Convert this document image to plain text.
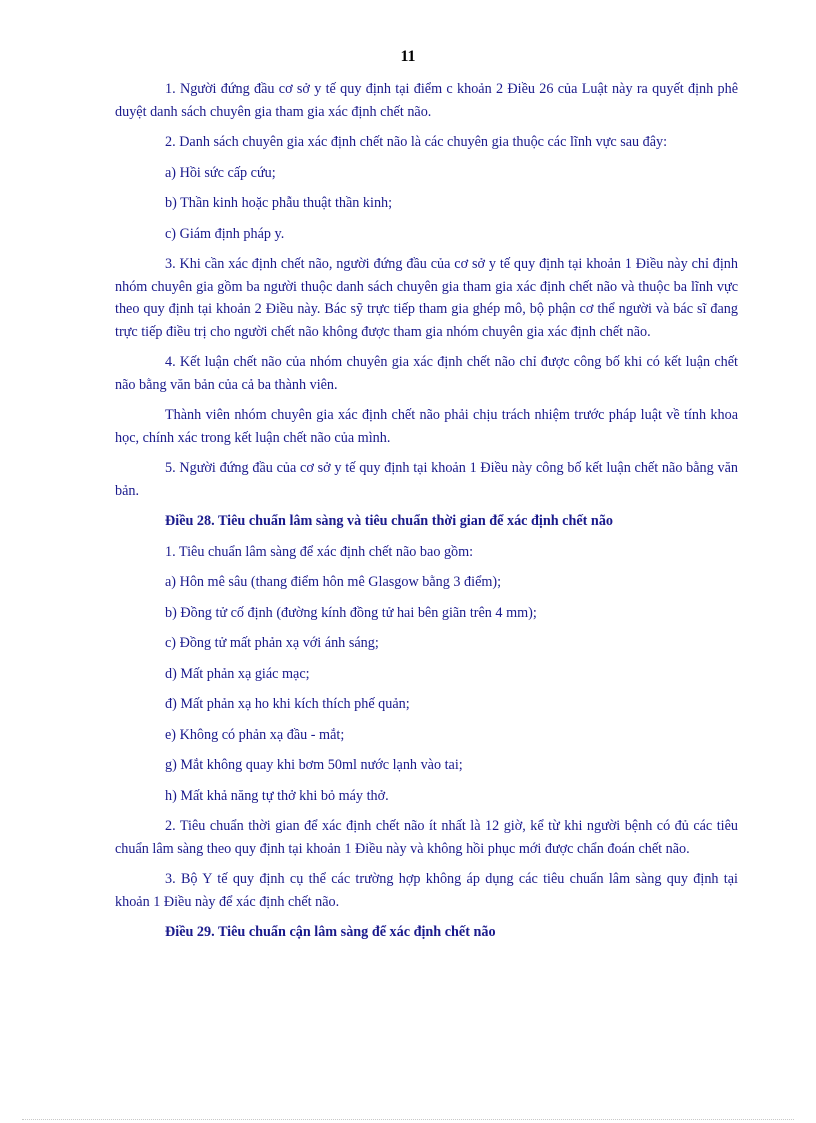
11

1. Người đứng đầu cơ sở y tế quy định tại điểm c khoản 2 Điều 26 của Luật này ra quyết định phê duyệt danh sách chuyên gia tham gia xác định chết não.

2. Danh sách chuyên gia xác định chết não là các chuyên gia thuộc các lĩnh vực sau đây:

a) Hồi sức cấp cứu;

b) Thần kinh hoặc phẫu thuật thần kinh;

c) Giám định pháp y.

3. Khi cần xác định chết não, người đứng đầu của cơ sở y tế quy định tại khoản 1 Điều này chỉ định nhóm chuyên gia gồm ba người thuộc danh sách chuyên gia tham gia xác định chết não và thuộc ba lĩnh vực theo quy định tại khoản 2 Điều này. Bác sỹ trực tiếp tham gia ghép mô, bộ phận cơ thể người và bác sĩ đang trực tiếp điều trị cho người chết não không được tham gia nhóm chuyên gia xác định chết não.

4. Kết luận chết não của nhóm chuyên gia xác định chết não chỉ được công bố khi có kết luận chết não bằng văn bản của cả ba thành viên.

Thành viên nhóm chuyên gia xác định chết não phải chịu trách nhiệm trước pháp luật về tính khoa học, chính xác trong kết luận chết não của mình.

5. Người đứng đầu của cơ sở y tế quy định tại khoản 1 Điều này công bố kết luận chết não bằng văn bản.

Điều 28. Tiêu chuẩn lâm sàng và tiêu chuẩn thời gian để xác định chết não

1. Tiêu chuẩn lâm sàng để xác định chết não bao gồm:

a) Hôn mê sâu (thang điểm hôn mê Glasgow bằng 3 điểm);

b) Đồng tử cố định (đường kính đồng tử hai bên giãn trên 4 mm);

c) Đồng tử mất phản xạ với ánh sáng;

d) Mất phản xạ giác mạc;

đ) Mất phản xạ ho khi kích thích phế quản;

e) Không có phản xạ đầu - mắt;

g) Mắt không quay khi bơm 50ml nước lạnh vào tai;

h) Mất khả năng tự thở khi bỏ máy thở.

2. Tiêu chuẩn thời gian để xác định chết não ít nhất là 12 giờ, kể từ khi người bệnh có đủ các tiêu chuẩn lâm sàng theo quy định tại khoản 1 Điều này và không hồi phục mới được chẩn đoán chết não.

3. Bộ Y tế quy định cụ thể các trường hợp không áp dụng các tiêu chuẩn lâm sàng quy định tại khoản 1 Điều này để xác định chết não.

Điều 29. Tiêu chuẩn cận lâm sàng để xác định chết não
